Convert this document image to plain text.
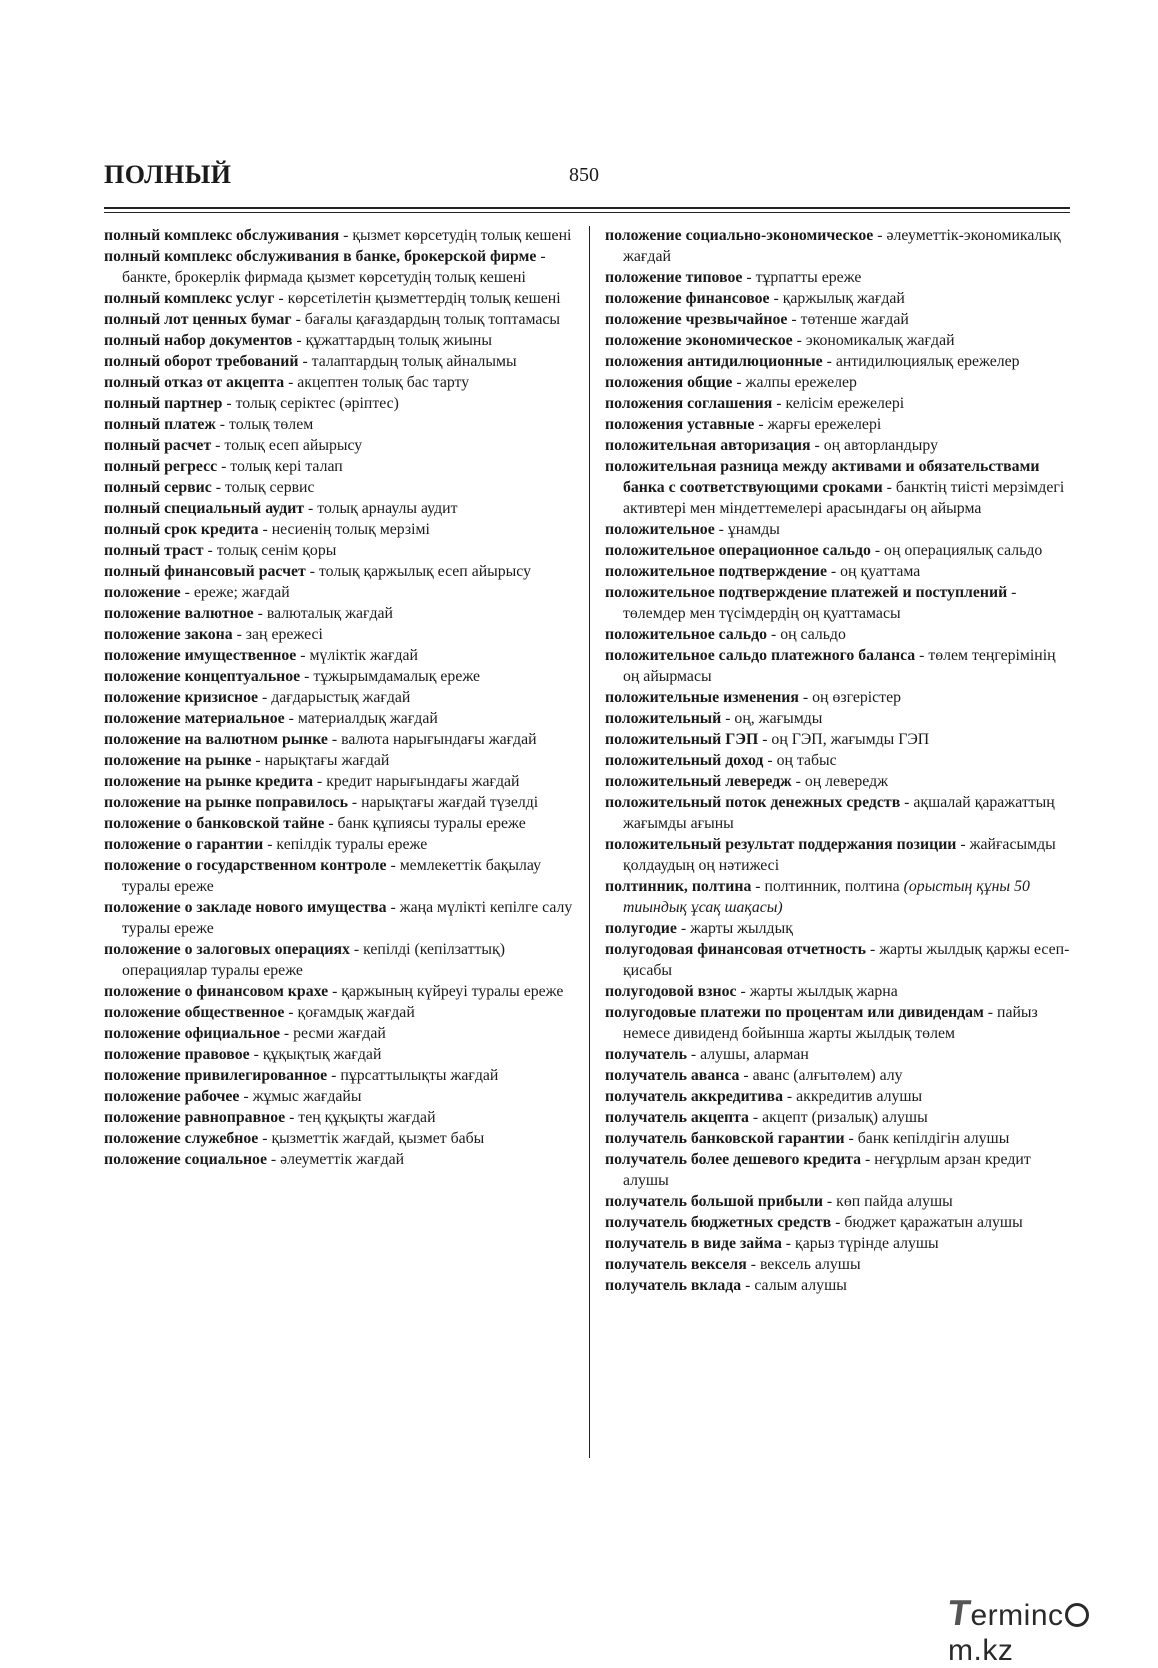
ПОЛНЫЙ	850

полный комплекс обслуживания - қызмет көрсетудің толық кешені

полный комплекс обслуживания в банке, брокерской фирме - банкте, брокерлік фирмада қызмет көрсетудің толық кешені

полный комплекс услуг - көрсетілетін қызметтердің толық кешені

полный лот ценных бумаг - бағалы қағаздардың толық топтамасы

полный набор документов - құжаттардың толық жиыны

полный оборот требований - талаптардың толық айналымы

полный отказ от акцепта - акцептен толық бас тарту

полный партнер - толық серіктес (әріптес)

полный платеж - толық төлем

полный расчет - толық есеп айырысу

полный регресс - толық кері талап

полный сервис - толық сервис

полный специальный аудит - толық арнаулы аудит

полный срок кредита - несиенің толық мерзімі

полный траст - толық сенім қоры

полный финансовый расчет - толық қаржылық есеп айырысу

положение - ереже; жағдай

положение валютное - валюталық жағдай

положение закона - заң ережесі

положение имущественное - мүліктік жағдай

положение концептуальное - тұжырымдамалық ереже

положение кризисное - дағдарыстық жағдай

положение материальное - материалдық жағдай

положение на валютном рынке - валюта нарығындағы жағдай

положение на рынке - нарықтағы жағдай

положение на рынке кредита - кредит нарығындағы жағдай

положение на рынке поправилось - нарықтағы жағдай түзелді

положение о банковской тайне - банк құпиясы туралы ереже

положение о гарантии - кепілдік туралы ереже

положение о государственном контроле - мемлекеттік бақылау туралы ереже

положение о закладе нового имущества - жаңа мүлікті кепілге салу туралы ереже

положение о залоговых операциях - кепілді (кепілзаттық) операциялар туралы ереже

положение о финансовом крахе - қаржының күйреуі туралы ереже

положение общественное - қоғамдық жағдай

положение официальное - ресми жағдай

положение правовое - құқықтық жағдай

положение привилегированное - пұрсаттылықты жағдай

положение рабочее - жұмыс жағдайы

положение равноправное - тең құқықты жағдай

положение служебное - қызметтік жағдай, қызмет бабы

положение социальное - әлеуметтік жағдай

положение социально-экономическое - әлеуметтік-экономикалық жағдай

положение типовое - тұрпатты ереже

положение финансовое - қаржылық жағдай

положение чрезвычайное - төтенше жағдай

положение экономическое - экономикалық жағдай

положения антидилюционные - антидилюциялық ережелер

положения общие - жалпы ережелер

положения соглашения - келісім ережелері

положения уставные - жарғы ережелері

положительная авторизация - оң авторландыру

положительная разница между активами и обязательствами банка с соответствующими сроками - банктің тиісті мерзімдегі активтері мен міндеттемелері арасындағы оң айырма

положительное - ұнамды

положительное операционное сальдо - оң операциялық сальдо

положительное подтверждение - оң қуаттама

положительное подтверждение платежей и поступлений - төлемдер мен түсімдердің оң қуаттамасы

положительное сальдо - оң сальдо

положительное сальдо платежного баланса - төлем теңгерімінің оң айырмасы

положительные изменения - оң өзгерістер

положительный - оң, жағымды

положительный ГЭП - оң ГЭП, жағымды ГЭП

положительный доход - оң табыс

положительный левередж - оң левередж

положительный поток денежных средств - ақшалай қаражаттың жағымды ағыны

положительный результат поддержания позиции - жайғасымды қолдаудың оң нәтижесі

полтинник, полтина - полтинник, полтина (орыстың құны 50 тиындық ұсақ шақасы)

полугодие - жарты жылдық

полугодовая финансовая отчетность - жарты жылдық қаржы есеп-қисабы

полугодовой взнос - жарты жылдық жарна

полугодовые платежи по процентам или дивидендам - пайыз немесе дивиденд бойынша жарты жылдық төлем

получатель - алушы, аларман

получатель аванса - аванс (алғытөлем) алу

получатель аккредитива - аккредитив алушы

получатель акцепта - акцепт (ризалық) алушы

получатель банковской гарантии - банк кепілдігін алушы

получатель более дешевого кредита - неғұрлым арзан кредит алушы

получатель большой прибыли - көп пайда алушы

получатель бюджетных средств - бюджет қаражатын алушы

получатель в виде займа - қарыз түрінде алушы

получатель векселя - вексель алушы

получатель вклада - салым алушы

Termincm.kz
